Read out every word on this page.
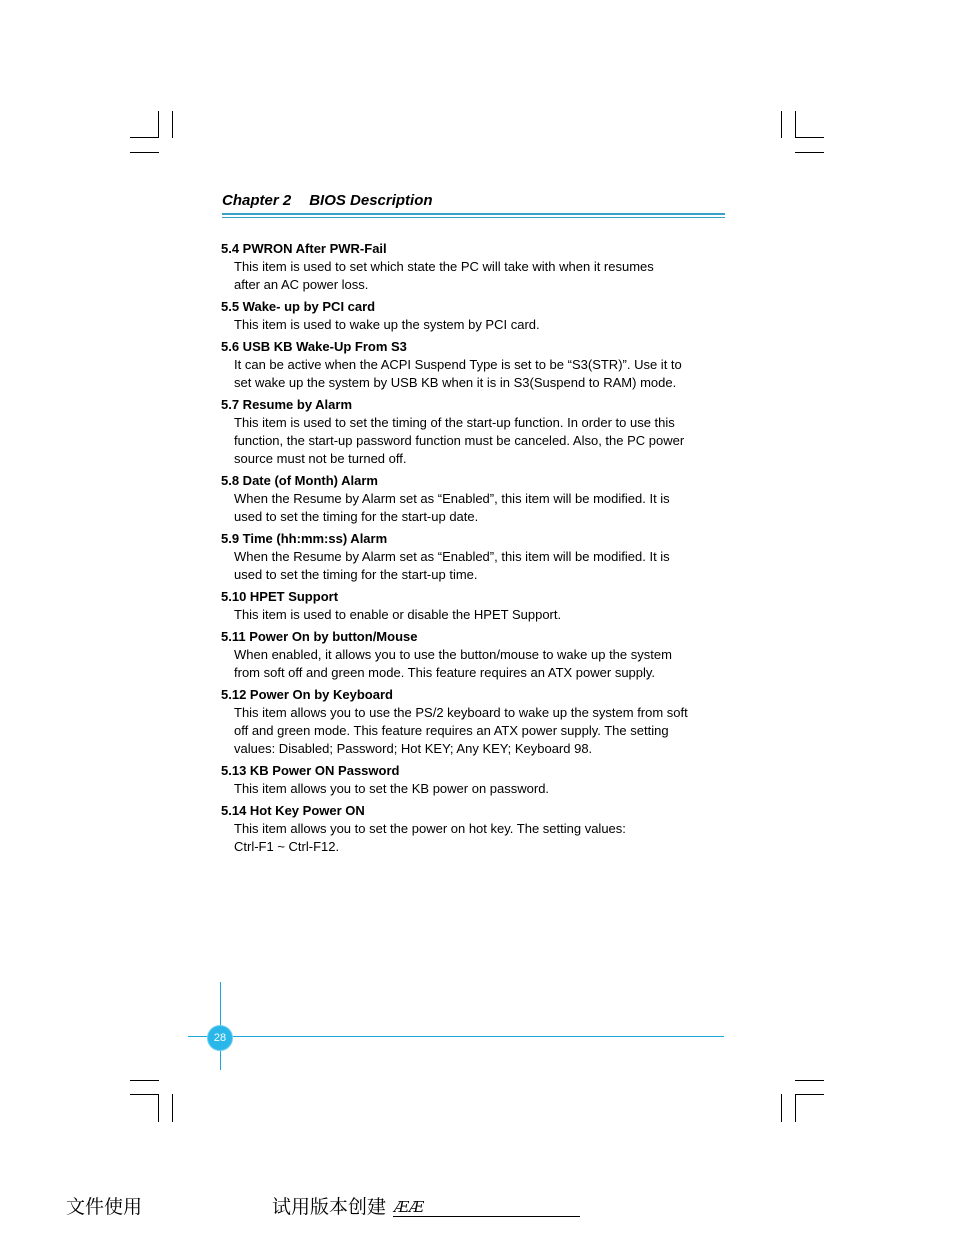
Chapter 2 BIOS Description
5.4 PWRON After PWR-Fail
This item is used to set which state the PC will take with when it resumes
after an AC power loss.
5.5 Wake- up by PCI card
This item is used to wake up the system by PCI card.
5.6 USB KB Wake-Up From S3
It can be active when the ACPI Suspend Type is set to be “S3(STR)”. Use it to
set wake up the system by USB KB when it is in S3(Suspend to RAM) mode.
5.7 Resume by Alarm
This item is used to set the timing of the start-up function. In order to use this
function, the start-up password function must be canceled. Also, the PC power
source must not be turned off.
5.8 Date (of Month) Alarm
When the Resume by Alarm set as “Enabled”, this item will be modified. It is
used to set the timing for the start-up date.
5.9 Time (hh:mm:ss) Alarm
When the Resume by Alarm set as “Enabled”, this item will be modified. It is
used to set the timing for the start-up time.
5.10 HPET Support
This item is used to enable or disable the HPET Support.
5.11 Power On by button/Mouse
When enabled, it allows you to use the button/mouse to wake up the system
from soft off and green mode. This feature requires an ATX power supply.
5.12 Power On by Keyboard
This item allows you to use the PS/2 keyboard to wake up the system from soft
off and green mode. This feature requires an ATX power supply. The setting
values: Disabled; Password; Hot KEY; Any KEY; Keyboard 98.
5.13 KB Power ON Password
This item allows you to set the KB power on password.
5.14 Hot Key Power ON
This item allows you to set the power on hot key. The setting values:
Ctrl-F1 ~ Ctrl-F12.
28
文件使用	试用版本创建 ÆÆ
